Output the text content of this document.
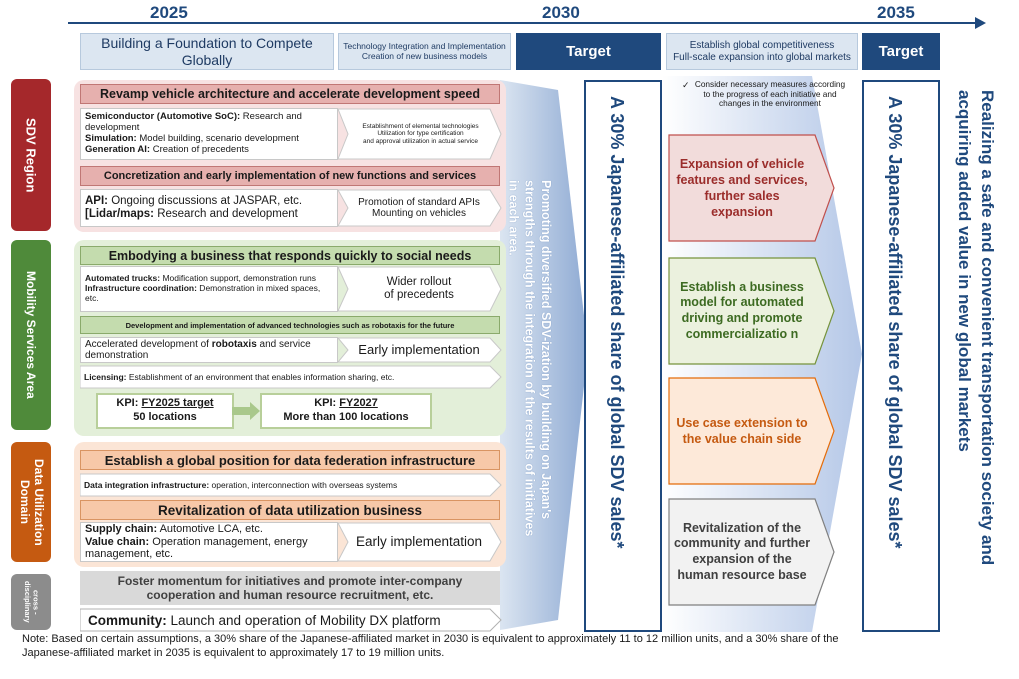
2025	2030	2035
Building a Foundation to Compete Globally
Technology Integration and Implementation
Creation of new business models	Target	Establish global competitiveness
Full-scale expansion into global markets	Target
SDV Region
Mobility Services Area
Data Utilization Domain
cross -disciplinary
Promoting diversified SDV-ization by building on Japan's strengths through the integration of the results of initiatives in each area.
Revamp vehicle architecture and accelerate development speed
Semiconductor (Automotive SoC): Research and development
Simulation: Model building, scenario development
Generation AI: Creation of precedents
Establishment of elemental technologies
Utilization for type certification
and approval utilization in actual service
Concretization and early implementation of new functions and services
API: Ongoing discussions at JASPAR, etc.
[Lidar/maps: Research and development
Promotion of standard APIs
Mounting on vehicles
Embodying a business that responds quickly to social needs
Automated trucks: Modification support, demonstration runs
Infrastructure coordination: Demonstration in mixed spaces, etc.
Wider rollout
of precedents
Development and implementation of advanced technologies such as robotaxis for the future
Accelerated development of robotaxis and service demonstration	Early implementation
Licensing: Establishment of an environment that enables information sharing, etc.
KPI: FY2025 target
50 locations
KPI: FY2027
More than 100 locations
Establish a global position for data federation infrastructure
Data integration infrastructure: operation, interconnection with overseas systems
Revitalization of data utilization business
Supply chain: Automotive LCA, etc.
Value chain: Operation management, energy management, etc.
Early implementation
Foster momentum for initiatives and promote inter-company cooperation and human resource recruitment, etc.
Community: Launch and operation of Mobility DX platform
A 30% Japanese-affiliated share of global SDV sales*
✓ Consider necessary measures according to the progress of each initiative and changes in the environment
Expansion of vehicle features and services, further sales expansion
Establish a business model for automated driving and promote commercializatio n
Use case extension to the value chain side
Revitalization of the community and further expansion of the human resource base
A 30% Japanese-affiliated share of global SDV sales*	Realizing a safe and convenient transportation society and acquiring added value in new global markets
Note: Based on certain assumptions, a 30% share of the Japanese-affiliated market in 2030 is equivalent to approximately 11 to 12 million units, and a 30% share of the Japanese-affiliated market in 2035 is equivalent to approximately 17 to 19 million units.
